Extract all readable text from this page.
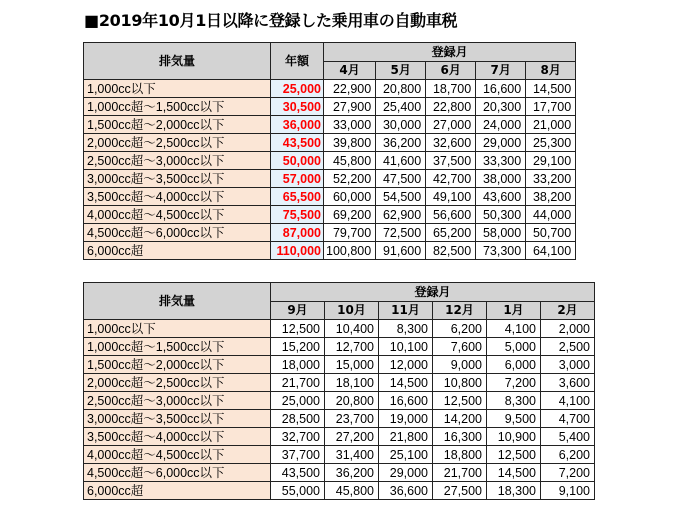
■2019年10月1日以降に登録した乗用車の自動車税
排気量	年額	登録月				
		4月	5月	6月	7月	8月
1,000cc以下	25,000	22,900	20,800	18,700	16,600	14,500
1,000cc超～1,500cc以下	30,500	27,900	25,400	22,800	20,300	17,700
1,500cc超～2,000cc以下	36,000	33,000	30,000	27,000	24,000	21,000
2,000cc超～2,500cc以下	43,500	39,800	36,200	32,600	29,000	25,300
2,500cc超～3,000cc以下	50,000	45,800	41,600	37,500	33,300	29,100
3,000cc超～3,500cc以下	57,000	52,200	47,500	42,700	38,000	33,200
3,500cc超～4,000cc以下	65,500	60,000	54,500	49,100	43,600	38,200
4,000cc超～4,500cc以下	75,500	69,200	62,900	56,600	50,300	44,000
4,500cc超～6,000cc以下	87,000	79,700	72,500	65,200	58,000	50,700
6,000cc超	110,000	100,800	91,600	82,500	73,300	64,100
排気量	登録月					
	9月	10月	11月	12月	1月	2月
1,000cc以下	12,500	10,400	8,300	6,200	4,100	2,000
1,000cc超～1,500cc以下	15,200	12,700	10,100	7,600	5,000	2,500
1,500cc超～2,000cc以下	18,000	15,000	12,000	9,000	6,000	3,000
2,000cc超～2,500cc以下	21,700	18,100	14,500	10,800	7,200	3,600
2,500cc超～3,000cc以下	25,000	20,800	16,600	12,500	8,300	4,100
3,000cc超～3,500cc以下	28,500	23,700	19,000	14,200	9,500	4,700
3,500cc超～4,000cc以下	32,700	27,200	21,800	16,300	10,900	5,400
4,000cc超～4,500cc以下	37,700	31,400	25,100	18,800	12,500	6,200
4,500cc超～6,000cc以下	43,500	36,200	29,000	21,700	14,500	7,200
6,000cc超	55,000	45,800	36,600	27,500	18,300	9,100
